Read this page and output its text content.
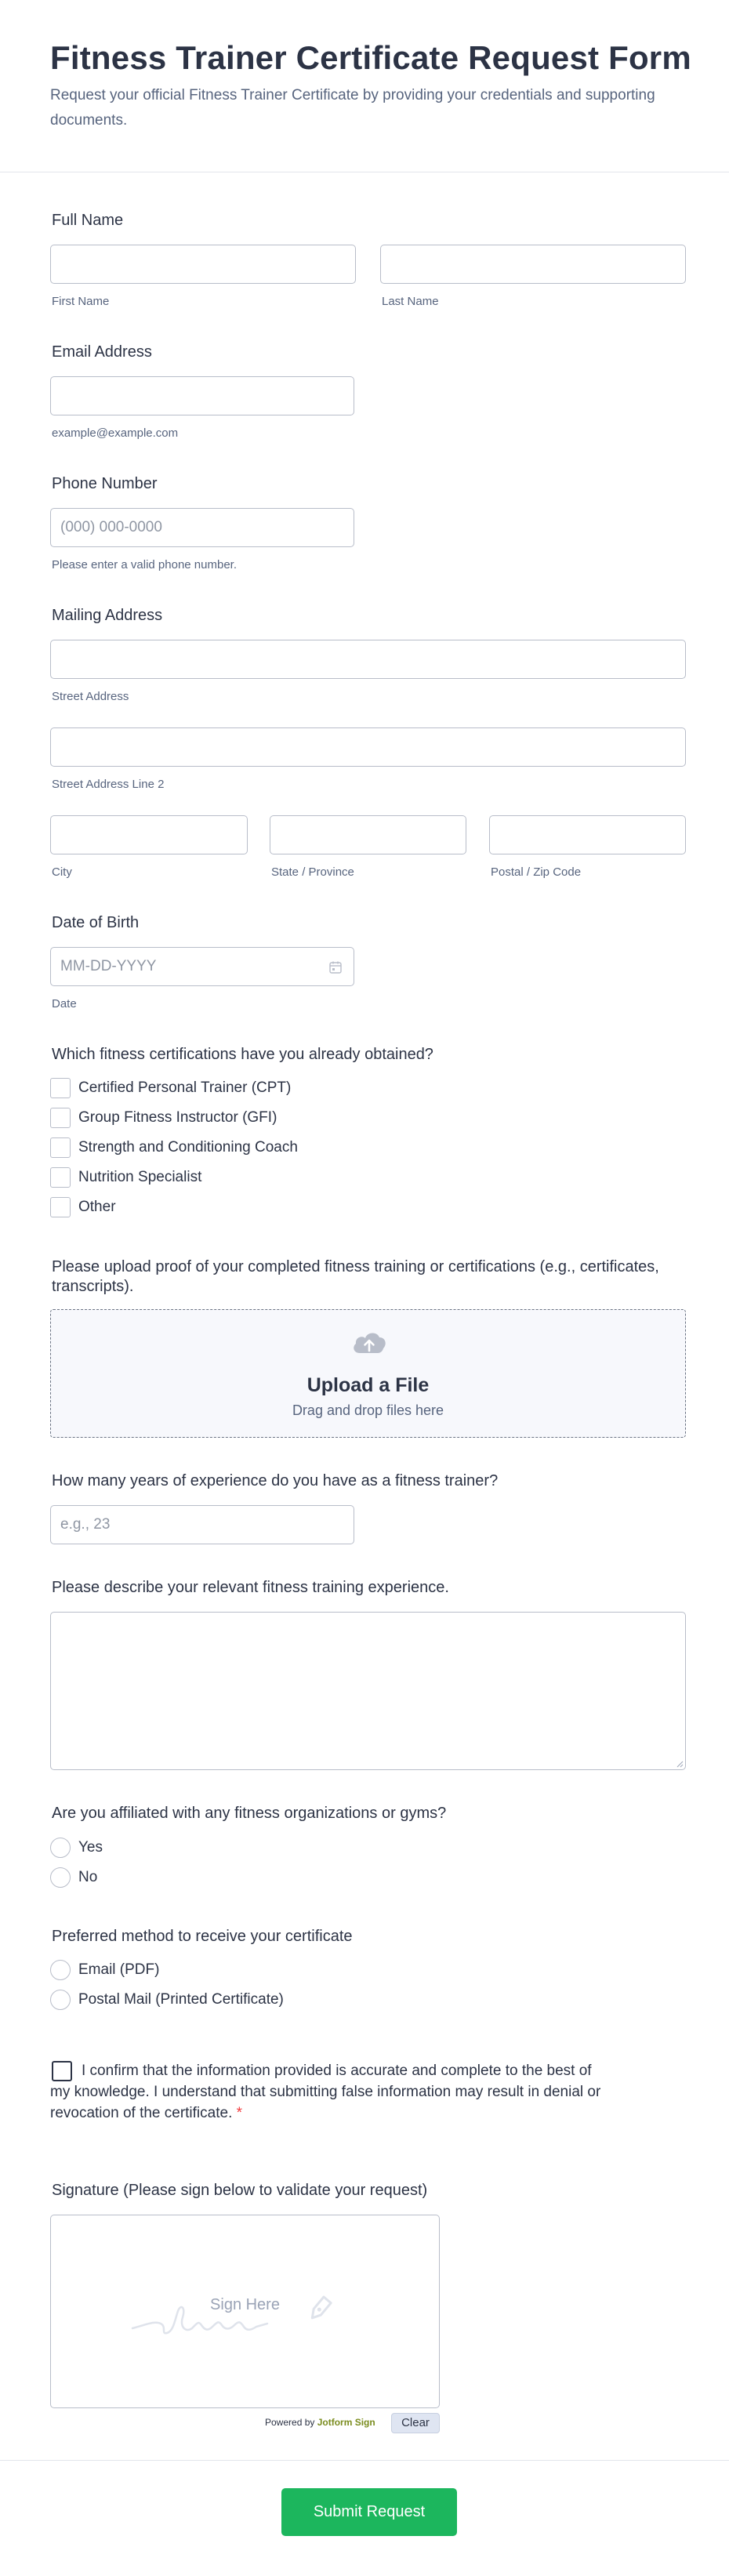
Fitness Trainer Certificate Request Form

Request your official Fitness Trainer Certificate by providing your credentials and supporting documents.

Full Name
First Name	Last Name
Email Address
example@example.com
Phone Number
(000) 000-0000
Please enter a valid phone number.
Mailing Address
Street Address
Street Address Line 2
City	State / Province	Postal / Zip Code
Date of Birth
MM-DD-YYYY
Date
Which fitness certifications have you already obtained?
Certified Personal Trainer (CPT)
Group Fitness Instructor (GFI)
Strength and Conditioning Coach
Nutrition Specialist
Other
Please upload proof of your completed fitness training or certifications (e.g., certificates, transcripts).
Upload a File
Drag and drop files here
How many years of experience do you have as a fitness trainer?
e.g., 23
Please describe your relevant fitness training experience.
Are you affiliated with any fitness organizations or gyms?
Yes
No
Preferred method to receive your certificate
Email (PDF)
Postal Mail (Printed Certificate)
I confirm that the information provided is accurate and complete to the best of my knowledge. I understand that submitting false information may result in denial or revocation of the certificate. *
Signature (Please sign below to validate your request)
Sign Here
Powered by Jotform Sign	Clear
Submit Request
